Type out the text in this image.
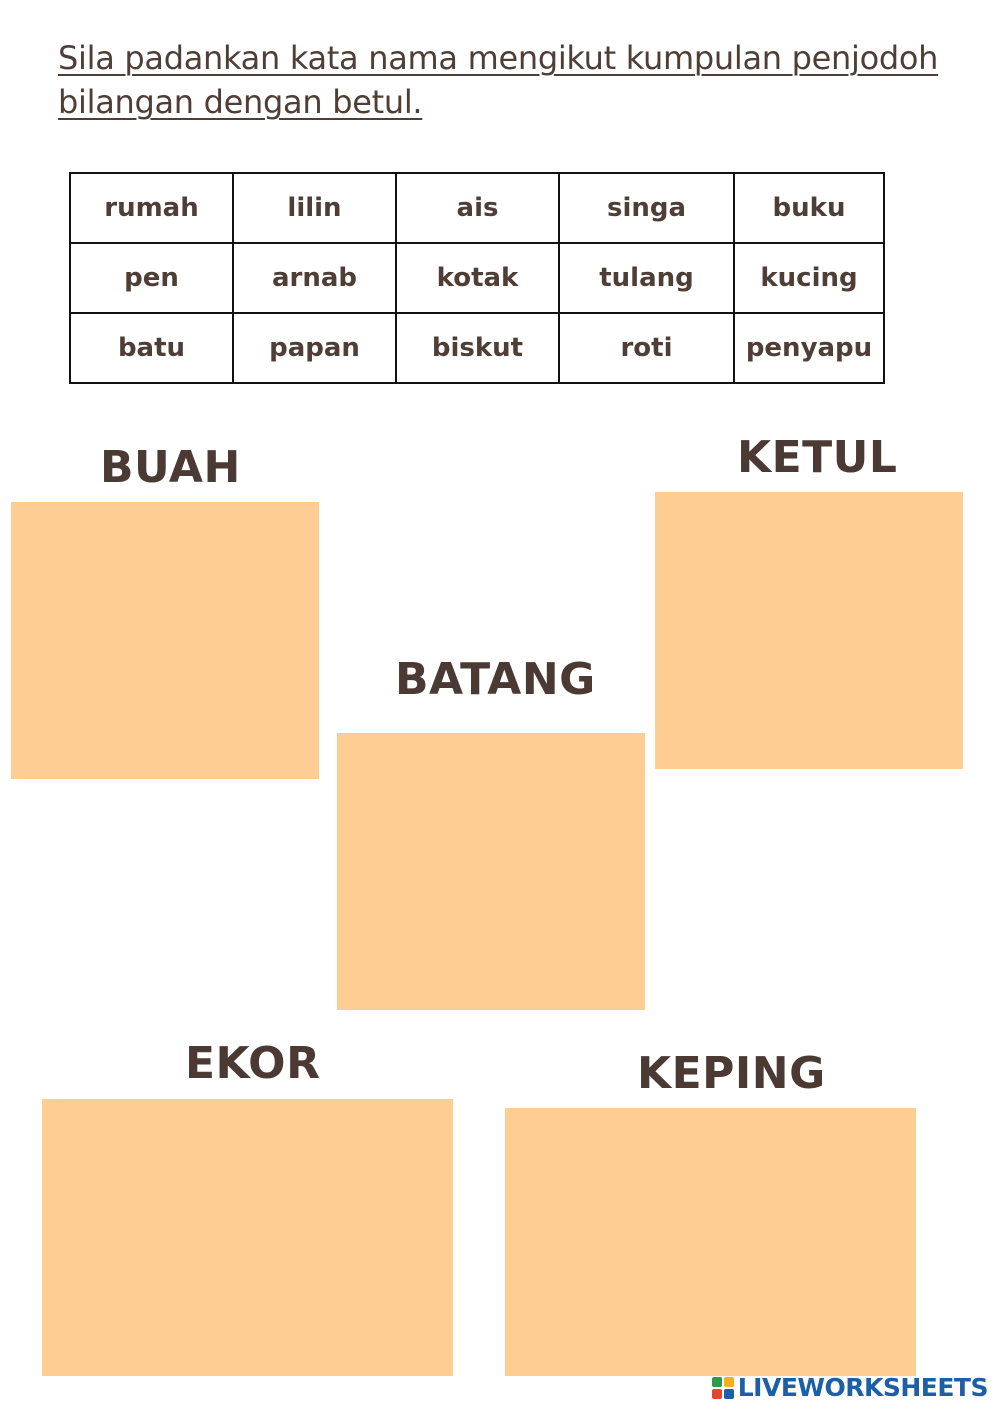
Sila padankan kata nama mengikut kumpulan penjodoh bilangan dengan betul.
rumah	lilin	ais	singa	buku
pen	arnab	kotak	tulang	kucing
batu	papan	biskut	roti	penyapu
BUAH	KETUL
BATANG
EKOR	KEPING
LIVEWORKSHEETS
